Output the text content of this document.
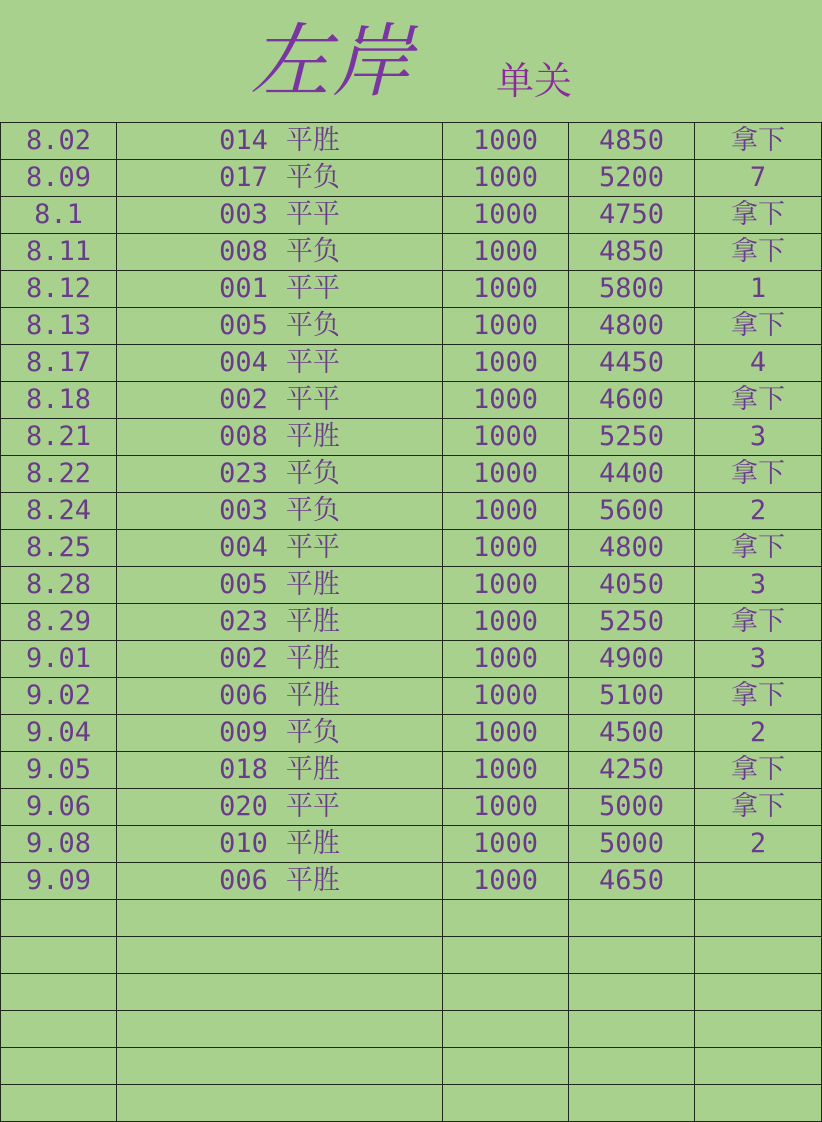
左岸 单关
8.02	014 平胜	1000	4850	拿下
8.09	017 平负	1000	5200	7
8.1	003 平平	1000	4750	拿下
8.11	008 平负	1000	4850	拿下
8.12	001 平平	1000	5800	1
8.13	005 平负	1000	4800	拿下
8.17	004 平平	1000	4450	4
8.18	002 平平	1000	4600	拿下
8.21	008 平胜	1000	5250	3
8.22	023 平负	1000	4400	拿下
8.24	003 平负	1000	5600	2
8.25	004 平平	1000	4800	拿下
8.28	005 平胜	1000	4050	3
8.29	023 平胜	1000	5250	拿下
9.01	002 平胜	1000	4900	3
9.02	006 平胜	1000	5100	拿下
9.04	009 平负	1000	4500	2
9.05	018 平胜	1000	4250	拿下
9.06	020 平平	1000	5000	拿下
9.08	010 平胜	1000	5000	2
9.09	006 平胜	1000	4650	
